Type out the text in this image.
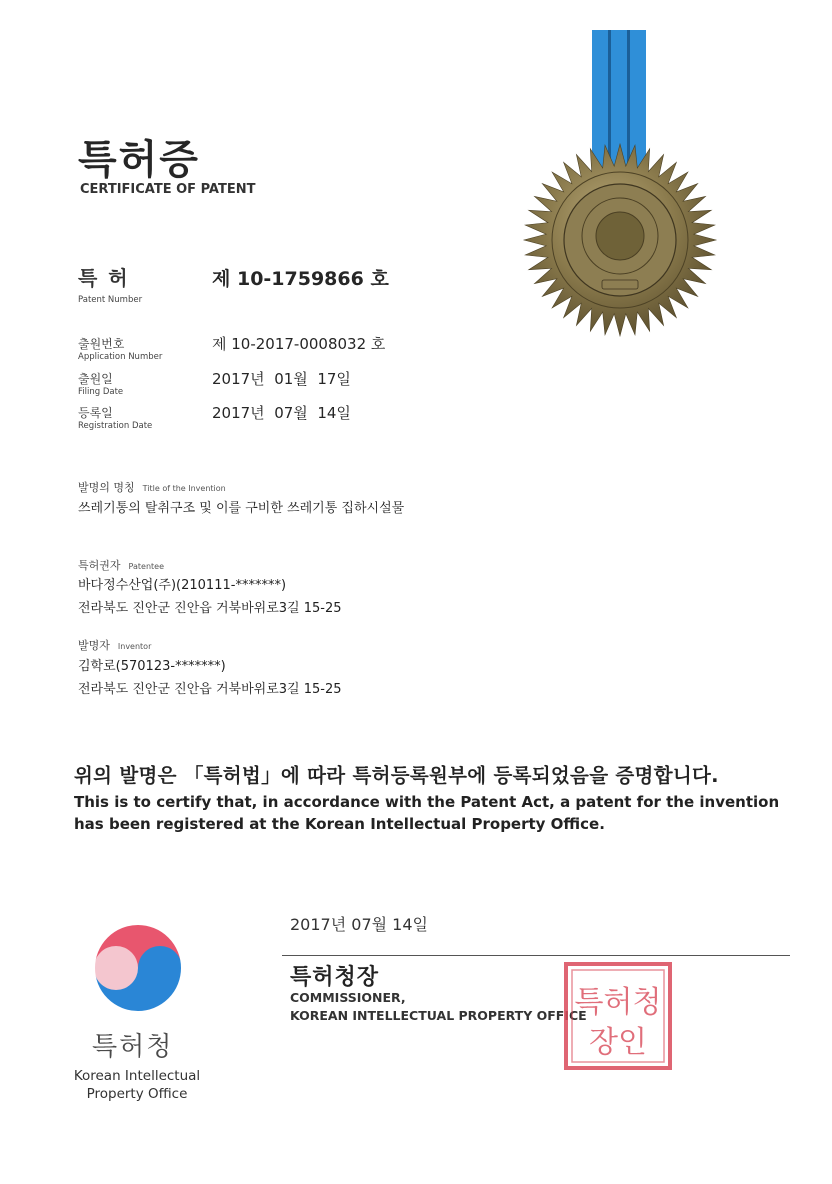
특허증
CERTIFICATE OF PATENT
특 허
Patent Number
제 10-1759866 호
출원번호
Application Number
제 10-2017-0008032 호
출원일
Filing Date
2017년  01월  17일
등록일
Registration Date
2017년  07월  14일
발명의 명칭 Title of the Invention
쓰레기통의 탈취구조 및 이를 구비한 쓰레기통 집하시설물
특허권자 Patentee
바다정수산업(주)(210111-*******)
전라북도 진안군 진안읍 거북바위로3길 15-25
발명자 Inventor
김학로(570123-*******)
전라북도 진안군 진안읍 거북바위로3길 15-25
위의 발명은 「특허법」에 따라 특허등록원부에 등록되었음을 증명합니다.
This is to certify that, in accordance with the Patent Act, a patent for the invention
has been registered at the Korean Intellectual Property Office.
2017년 07월 14일
특허청장
COMMISSIONER,
KOREAN INTELLECTUAL PROPERTY OFFICE
특허청
장인
특허청
Korean Intellectual
Property Office
